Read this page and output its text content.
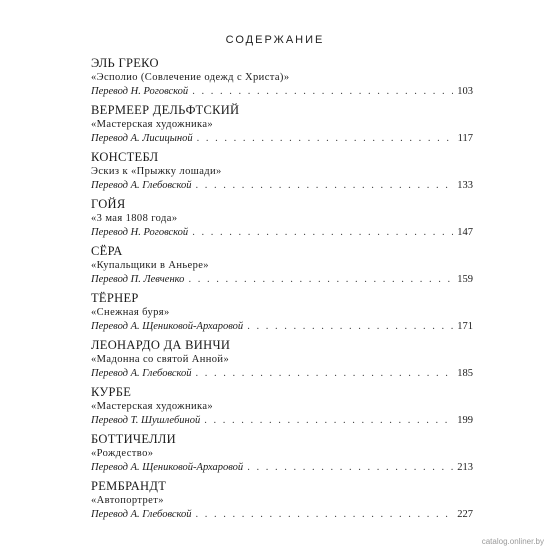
СОДЕРЖАНИЕ
ЭЛЬ ГРЕКО
«Эсполио (Совлечение одежд с Христа)»
Перевод Н. Роговской . . .	103
ВЕРМЕЕР ДЕЛЬФТСКИЙ
«Мастерская художника»
Перевод А. Лисицыной . . .	117
КОНСТЕБЛ
Эскиз к «Прыжку лошади»
Перевод А. Глебовской . . .	133
ГОЙЯ
«3 мая 1808 года»
Перевод Н. Роговской . . .	147
СЁРА
«Купальщики в Аньере»
Перевод П. Левченко . . .	159
ТЁРНЕР
«Снежная буря»
Перевод А. Щениковой-Архаровой . . .	171
ЛЕОНАРДО ДА ВИНЧИ
«Мадонна со святой Анной»
Перевод А. Глебовской . . .	185
КУРБЕ
«Мастерская художника»
Перевод Т. Шушлебиной . . .	199
БОТТИЧЕЛЛИ
«Рождество»
Перевод А. Щениковой-Архаровой . . .	213
РЕМБРАНДТ
«Автопортрет»
Перевод А. Глебовской . . .	227
catalog.onliner.by
